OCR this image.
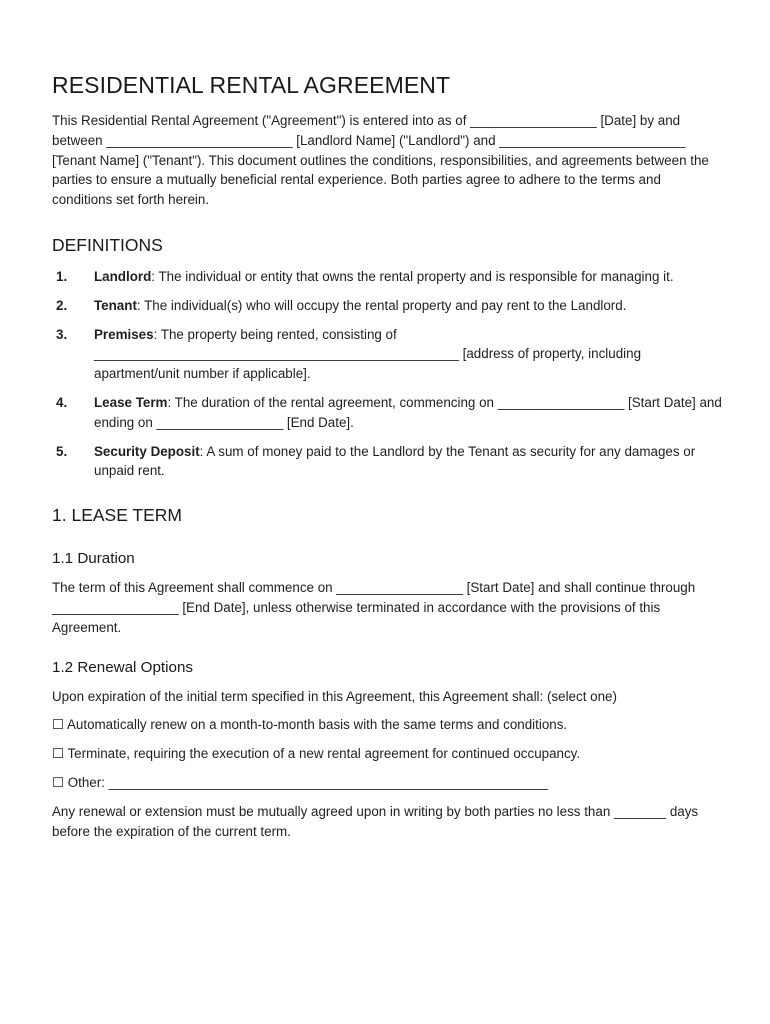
RESIDENTIAL RENTAL AGREEMENT

This Residential Rental Agreement ("Agreement") is entered into as of _________________ [Date] by and between _________________________ [Landlord Name] ("Landlord") and _________________________ [Tenant Name] ("Tenant"). This document outlines the conditions, responsibilities, and agreements between the parties to ensure a mutually beneficial rental experience. Both parties agree to adhere to the terms and conditions set forth herein.

DEFINITIONS
1.	Landlord: The individual or entity that owns the rental property and is responsible for managing it.
2.	Tenant: The individual(s) who will occupy the rental property and pay rent to the Landlord.
3.	Premises: The property being rented, consisting of _________________________________________________ [address of property, including apartment/unit number if applicable].
4.	Lease Term: The duration of the rental agreement, commencing on _________________ [Start Date] and ending on _________________ [End Date].
5.	Security Deposit: A sum of money paid to the Landlord by the Tenant as security for any damages or unpaid rent.
1. LEASE TERM
1.1 Duration

The term of this Agreement shall commence on _________________ [Start Date] and shall continue through _________________ [End Date], unless otherwise terminated in accordance with the provisions of this Agreement.

1.2 Renewal Options

Upon expiration of the initial term specified in this Agreement, this Agreement shall: (select one)

☐ Automatically renew on a month-to-month basis with the same terms and conditions.

☐ Terminate, requiring the execution of a new rental agreement for continued occupancy.

☐ Other: ___________________________________________________________

Any renewal or extension must be mutually agreed upon in writing by both parties no less than _______ days before the expiration of the current term.
